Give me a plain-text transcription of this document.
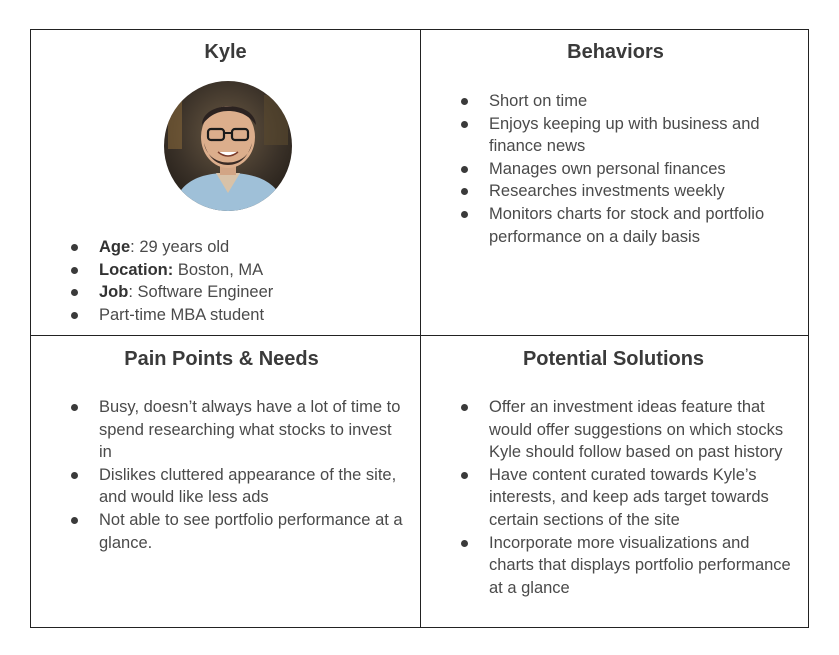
Kyle
Age: 29 years old
Location: Boston, MA
Job: Software Engineer
Part-time MBA student
Behaviors
Short on time
Enjoys keeping up with business and finance news
Manages own personal finances
Researches investments weekly
Monitors charts for stock and portfolio performance on a daily basis
Pain Points & Needs
Busy, doesn’t always have a lot of time to spend researching what stocks to invest in
Dislikes cluttered appearance of the site, and would like less ads
Not able to see portfolio performance at a glance.
Potential Solutions
Offer an investment ideas feature that would offer suggestions on which stocks Kyle should follow based on past history
Have content curated towards Kyle’s interests, and keep ads target towards certain sections of the site
Incorporate more visualizations and charts that displays portfolio performance at a glance
